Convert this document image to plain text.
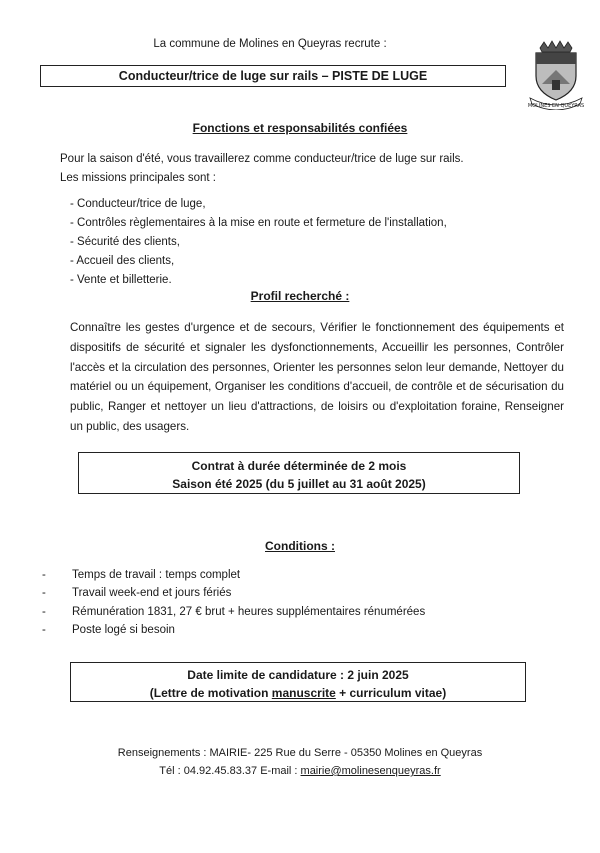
La commune de Molines en Queyras recrute :
Conducteur/trice de luge sur rails – PISTE DE LUGE
MOLINES EN QUEYRAS
Fonctions et responsabilités confiées
Pour la saison d'été, vous travaillerez comme conducteur/trice de luge sur rails.
Les missions principales sont :
- Conducteur/trice de luge,
- Contrôles règlementaires à la mise en route et fermeture de l'installation,
- Sécurité des clients,
- Accueil des clients,
- Vente et billetterie.
Profil recherché :
Connaître les gestes d'urgence et de secours, Vérifier le fonctionnement des équipements et dispositifs de sécurité et signaler les dysfonctionnements, Accueillir les personnes, Contrôler l'accès et la circulation des personnes, Orienter les personnes selon leur demande, Nettoyer du matériel ou un équipement, Organiser les conditions d'accueil, de contrôle et de sécurisation du public, Ranger et nettoyer un lieu d'attractions, de loisirs ou d'exploitation foraine, Renseigner un public, des usagers.
Contrat à durée déterminée de 2 mois
Saison été 2025 (du 5 juillet au 31 août 2025)
Conditions :
- Temps de travail : temps complet
- Travail week-end et jours fériés
- Rémunération 1831, 27 € brut + heures supplémentaires rénumérées
- Poste logé si besoin
Date limite de candidature : 2 juin 2025
(Lettre de motivation manuscrite + curriculum vitae)
Renseignements : MAIRIE- 225 Rue du Serre - 05350 Molines en Queyras
Tél : 04.92.45.83.37 E-mail : mairie@molinesenqueyras.fr
